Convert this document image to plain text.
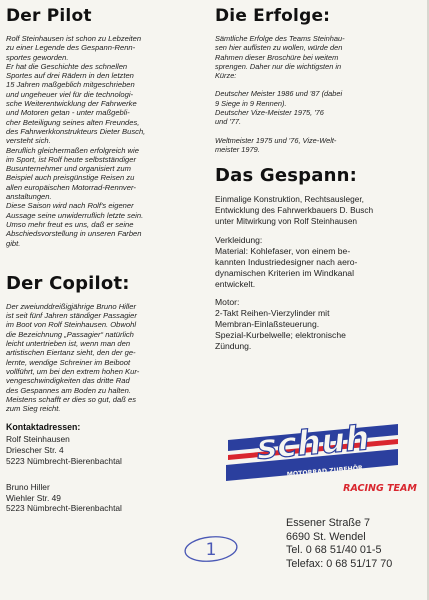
Der Pilot
Rolf Steinhausen ist schon zu Lebzeiten
zu einer Legende des Gespann-Renn-
sportes geworden.
Er hat die Geschichte des schnellen
Sportes auf drei Rädern in den letzten
15 Jahren maßgeblich mitgeschrieben
und ungeheuer viel für die technologi-
sche Weiterentwicklung der Fahrwerke
und Motoren getan - unter maßgebli-
cher Beteiligung seines alten Freundes,
des Fahrwerkkonstrukteurs Dieter Busch,
versteht sich.
Beruflich gleichermaßen erfolgreich wie
im Sport, ist Rolf heute selbstständiger
Busunternehmer und organisiert zum
Beispiel auch preisgünstige Reisen zu
allen europäischen Motorrad-Rennver-
anstaltungen.
Diese Saison wird nach Rolf's eigener
Aussage seine unwiderruflich letzte sein.
Umso mehr freut es uns, daß er seine
Abschiedsvorstellung in unseren Farben
gibt.
Der Copilot:
Der zweiunddreißigjährige Bruno Hiller
ist seit fünf Jahren ständiger Passagier
im Boot von Rolf Steinhausen. Obwohl
die Bezeichnung „Passagier“ natürlich
leicht untertrieben ist, wenn man den
artistischen Eiertanz sieht, den der ge-
lernte, wendige Schreiner im Beiboot
vollführt, um bei den extrem hohen Kur-
vengeschwindigkeiten das dritte Rad
des Gespannes am Boden zu halten.
Meistens schafft er dies so gut, daß es
zum Sieg reicht.
Kontaktadressen:
Rolf Steinhausen
Driescher Str. 4
5223 Nümbrecht-Bierenbachtal
Bruno Hiller
Wiehler Str. 49
5223 Nümbrecht-Bierenbachtal
Die Erfolge:
Sämtliche Erfolge des Teams Steinhau-
sen hier auflisten zu wollen, würde den
Rahmen dieser Broschüre bei weitem
sprengen. Daher nur die wichtigsten in
Kürze:
Deutscher Meister 1986 und '87 (dabei
9 Siege in 9 Rennen).
Deutscher Vize-Meister 1975, '76
und '77.
Weltmeister 1975 und '76, Vize-Welt-
meister 1979.
Das Gespann:
Einmalige Konstruktion, Rechtsausleger,
Entwicklung des Fahrwerkbauers D. Busch
unter Mitwirkung von Rolf Steinhausen
Verkleidung:
Material: Kohlefaser, von einem be-
kannten Industriedesigner nach aero-
dynamischen Kriterien im Windkanal
entwickelt.
Motor:
2-Takt Reihen-Vierzylinder mit
Membran-Einlaßsteuerung.
Spezial-Kurbelwelle; elektronische
Zündung.
schuh ®
MOTORRAD ZUBEHÖR
RACING TEAM
1
Essener Straße 7
6690 St. Wendel
Tel. 0 68 51/40 01-5
Telefax: 0 68 51/17 70
